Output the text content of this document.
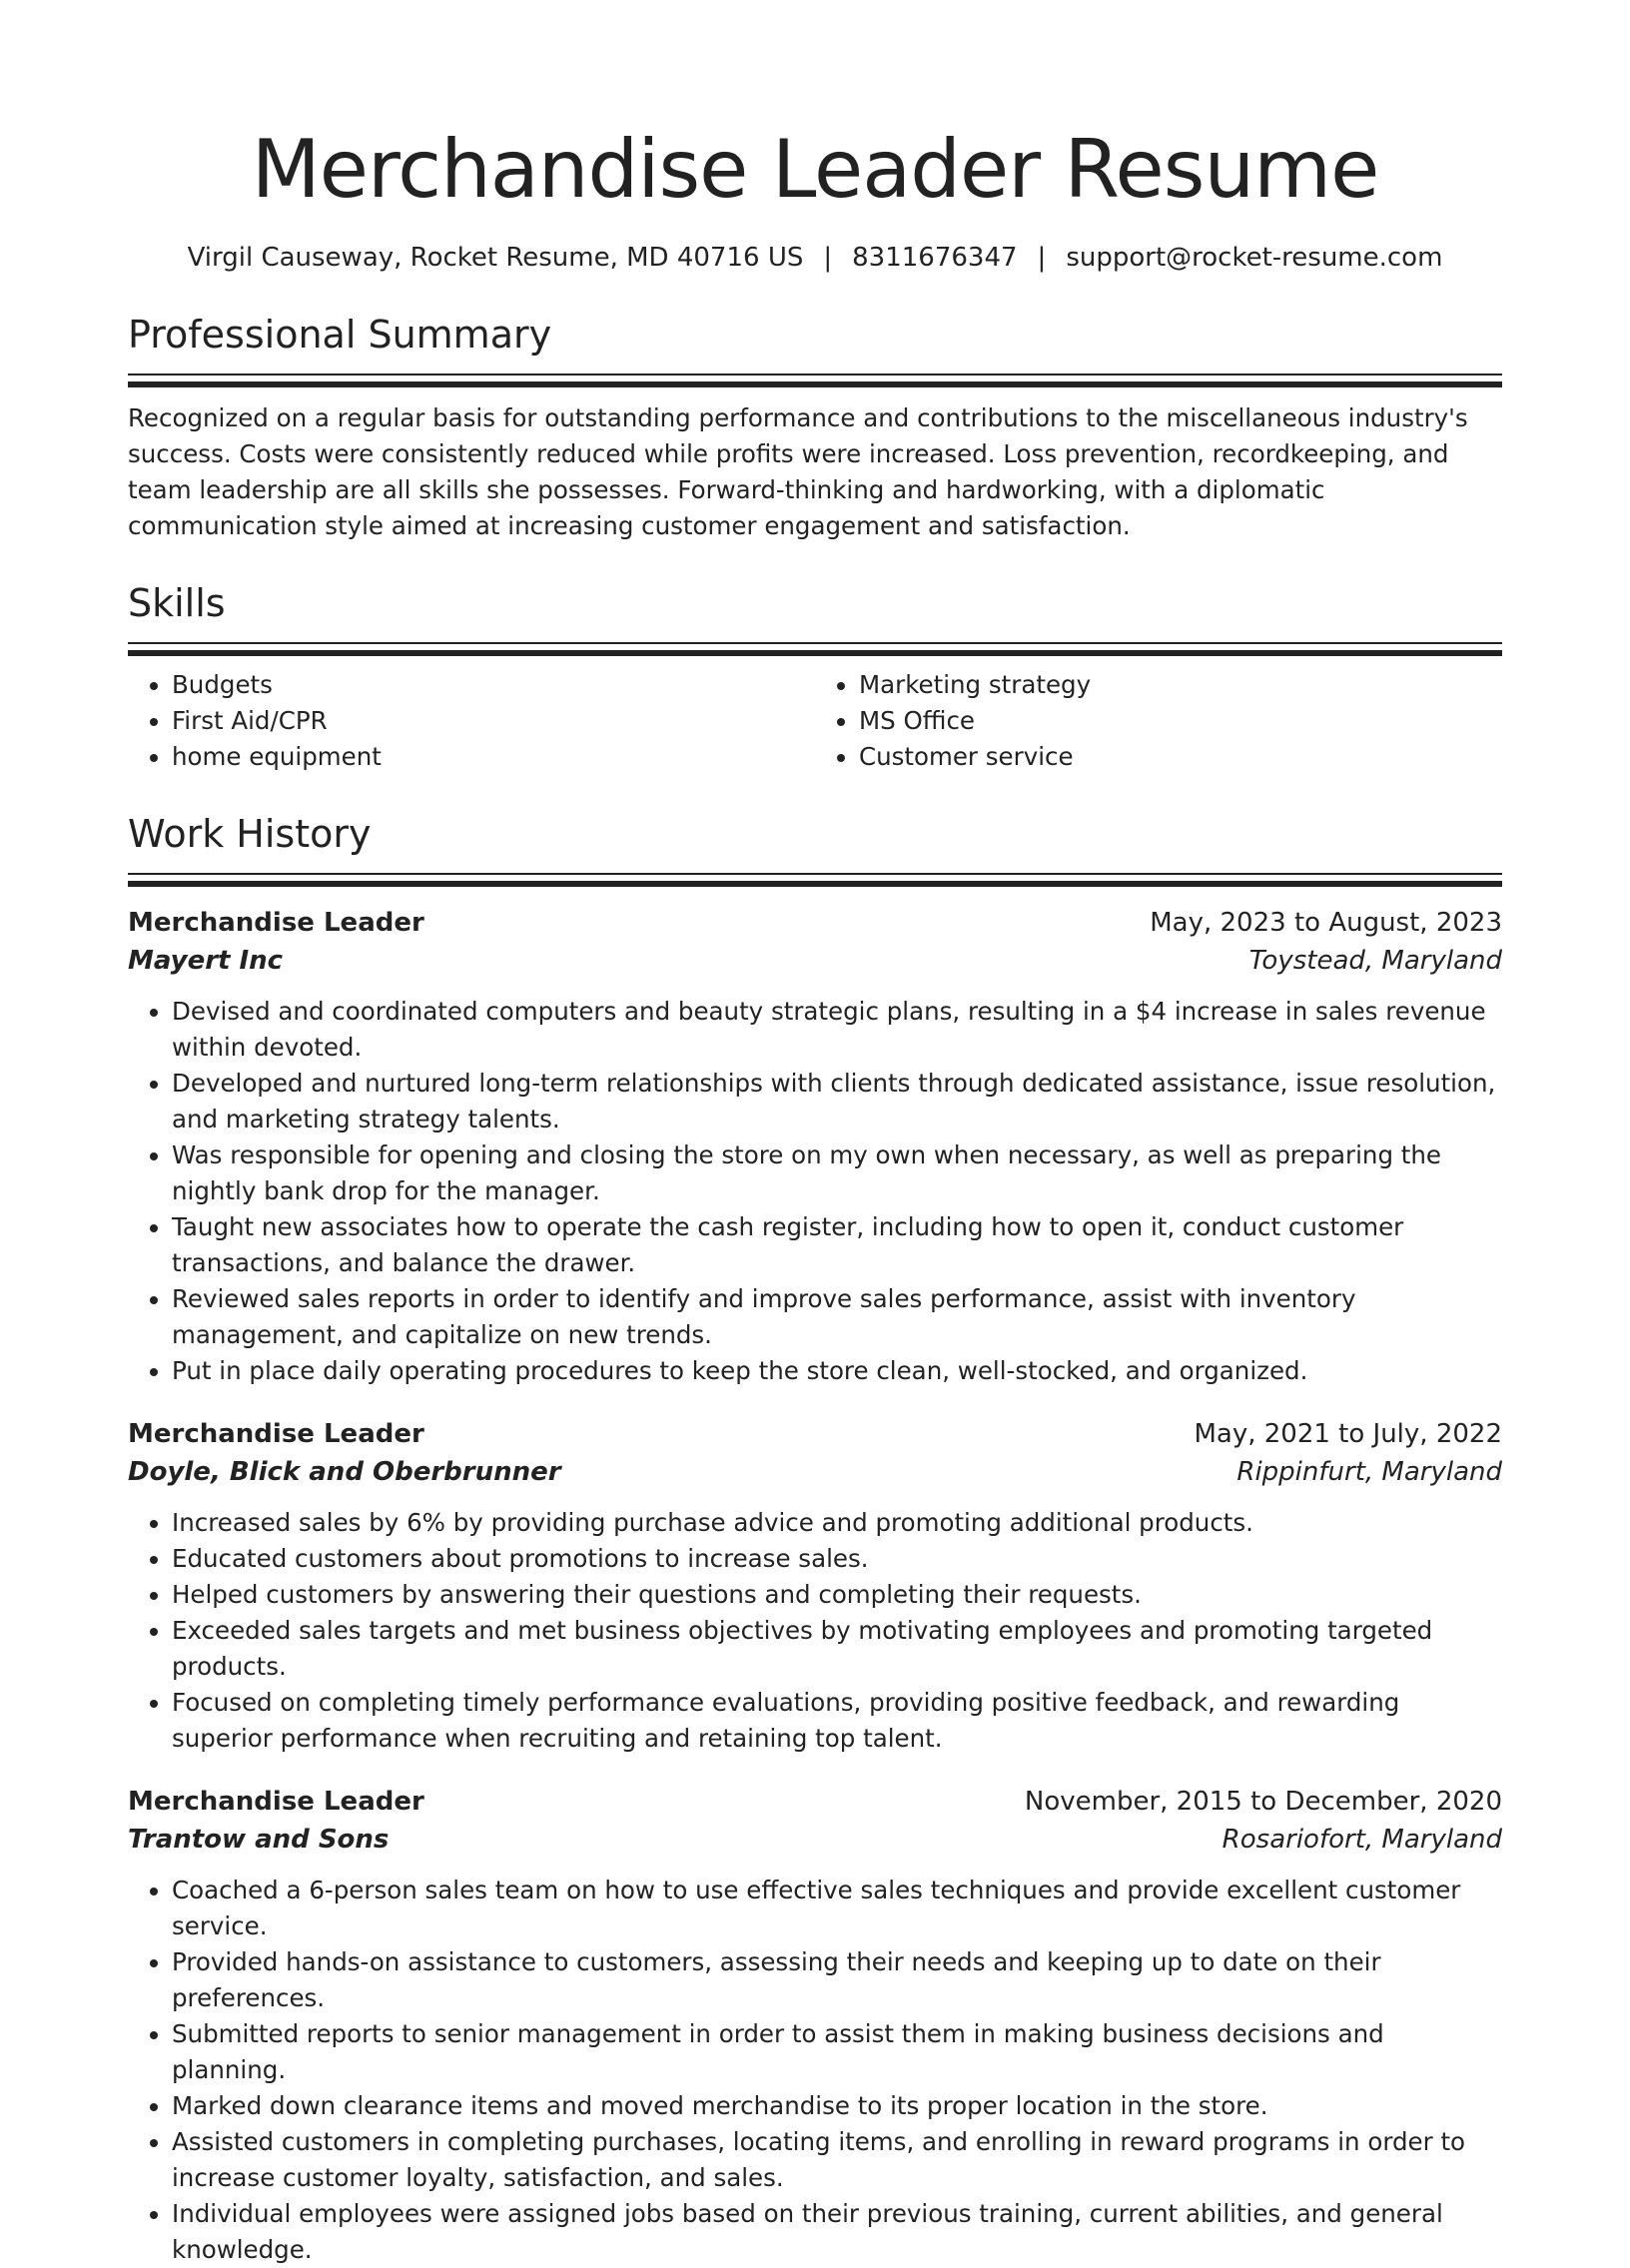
Merchandise Leader Resume
Virgil Causeway, Rocket Resume, MD 40716 US | 8311676347 | support@rocket-resume.com
Professional Summary
Recognized on a regular basis for outstanding performance and contributions to the miscellaneous industry's success. Costs were consistently reduced while profits were increased. Loss prevention, recordkeeping, and team leadership are all skills she possesses. Forward-thinking and hardworking, with a diplomatic communication style aimed at increasing customer engagement and satisfaction.
Skills
• Budgets
• First Aid/CPR
• home equipment
• Marketing strategy
• MS Office
• Customer service
Work History
Merchandise Leader	May, 2023 to August, 2023
Mayert Inc	Toystead, Maryland
• Devised and coordinated computers and beauty strategic plans, resulting in a $4 increase in sales revenue within devoted.
• Developed and nurtured long-term relationships with clients through dedicated assistance, issue resolution, and marketing strategy talents.
• Was responsible for opening and closing the store on my own when necessary, as well as preparing the nightly bank drop for the manager.
• Taught new associates how to operate the cash register, including how to open it, conduct customer transactions, and balance the drawer.
• Reviewed sales reports in order to identify and improve sales performance, assist with inventory management, and capitalize on new trends.
• Put in place daily operating procedures to keep the store clean, well-stocked, and organized.
Merchandise Leader	May, 2021 to July, 2022
Doyle, Blick and Oberbrunner	Rippinfurt, Maryland
• Increased sales by 6% by providing purchase advice and promoting additional products.
• Educated customers about promotions to increase sales.
• Helped customers by answering their questions and completing their requests.
• Exceeded sales targets and met business objectives by motivating employees and promoting targeted products.
• Focused on completing timely performance evaluations, providing positive feedback, and rewarding superior performance when recruiting and retaining top talent.
Merchandise Leader	November, 2015 to December, 2020
Trantow and Sons	Rosariofort, Maryland
• Coached a 6-person sales team on how to use effective sales techniques and provide excellent customer service.
• Provided hands-on assistance to customers, assessing their needs and keeping up to date on their preferences.
• Submitted reports to senior management in order to assist them in making business decisions and planning.
• Marked down clearance items and moved merchandise to its proper location in the store.
• Assisted customers in completing purchases, locating items, and enrolling in reward programs in order to increase customer loyalty, satisfaction, and sales.
• Individual employees were assigned jobs based on their previous training, current abilities, and general knowledge.
